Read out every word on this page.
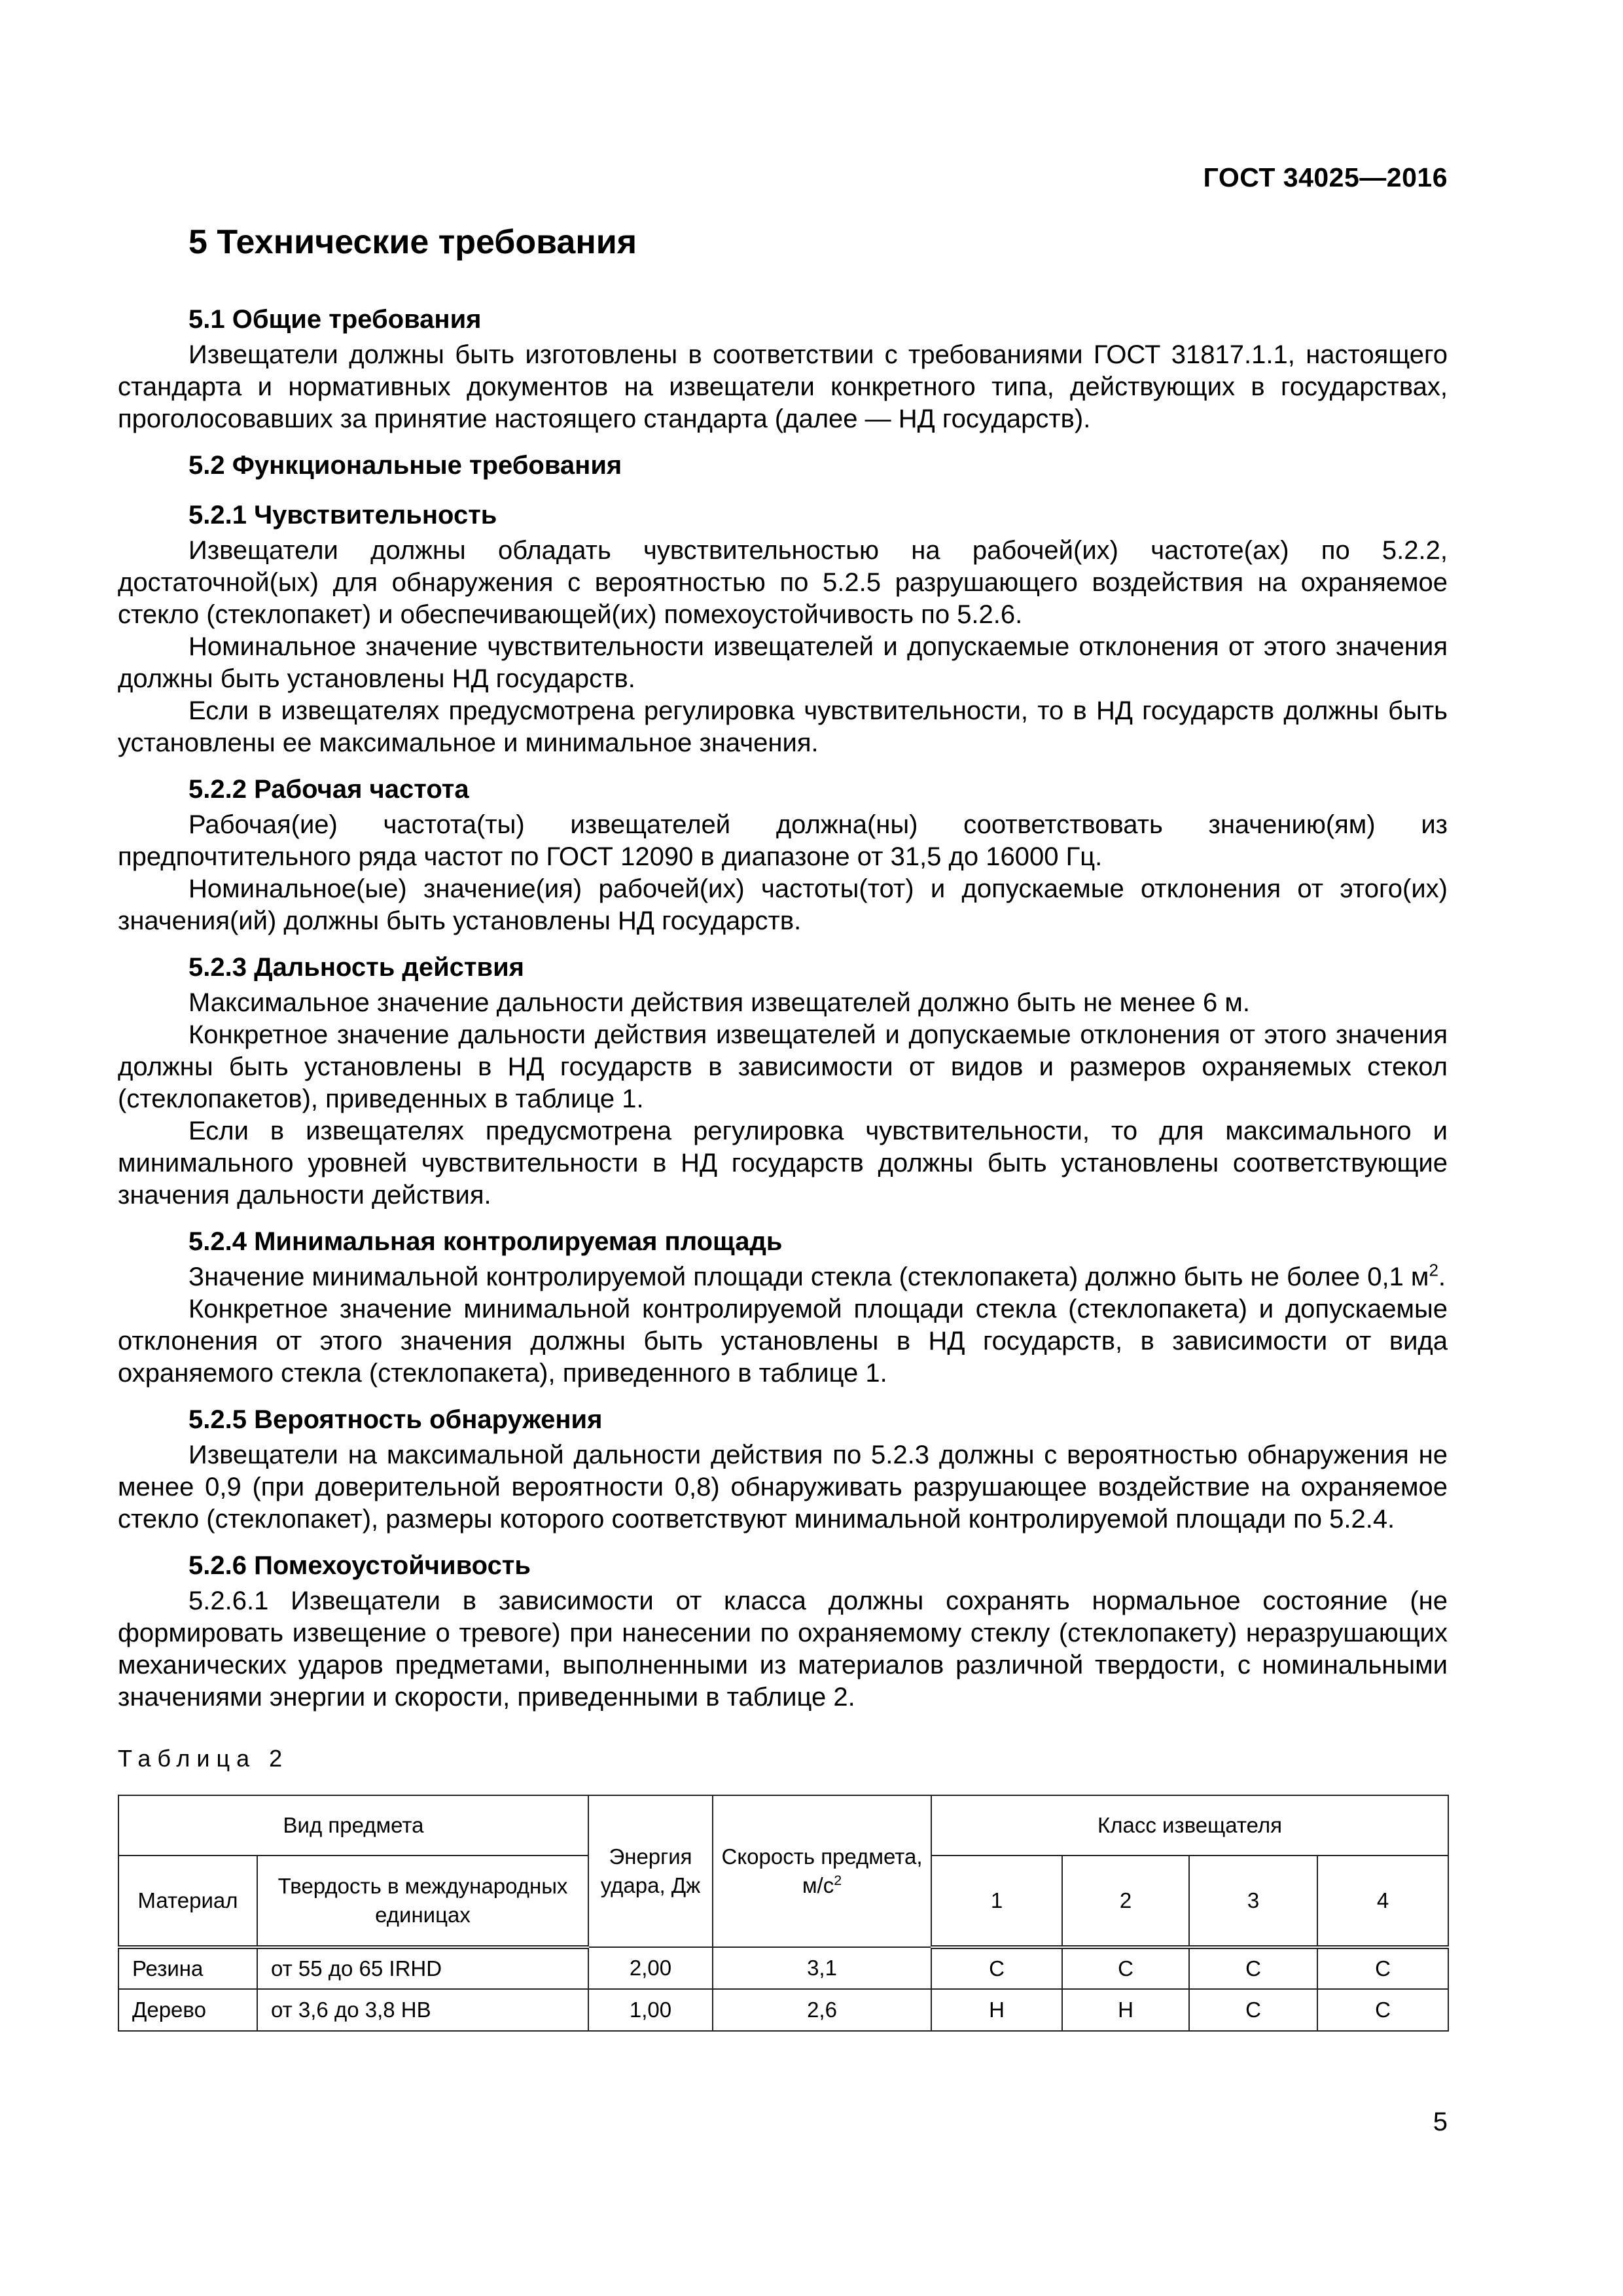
ГОСТ 34025—2016
5 Технические требования
5.1 Общие требования

Извещатели должны быть изготовлены в соответствии с требованиями ГОСТ 31817.1.1, настоящего стандарта и нормативных документов на извещатели конкретного типа, действующих в государствах, проголосовавших за принятие настоящего стандарта (далее — НД государств).

5.2 Функциональные требования
5.2.1 Чувствительность

Извещатели должны обладать чувствительностью на рабочей(их) частоте(ах) по 5.2.2, достаточной(ых) для обнаружения с вероятностью по 5.2.5 разрушающего воздействия на охраняемое стекло (стеклопакет) и обеспечивающей(их) помехоустойчивость по 5.2.6.

Номинальное значение чувствительности извещателей и допускаемые отклонения от этого значения должны быть установлены НД государств.

Если в извещателях предусмотрена регулировка чувствительности, то в НД государств должны быть установлены ее максимальное и минимальное значения.

5.2.2 Рабочая частота

Рабочая(ие) частота(ты) извещателей должна(ны) соответствовать значению(ям) из предпочтительного ряда частот по ГОСТ 12090 в диапазоне от 31,5 до 16000 Гц.

Номинальное(ые) значение(ия) рабочей(их) частоты(тот) и допускаемые отклонения от этого(их) значения(ий) должны быть установлены НД государств.

5.2.3 Дальность действия

Максимальное значение дальности действия извещателей должно быть не менее 6 м.

Конкретное значение дальности действия извещателей и допускаемые отклонения от этого значения должны быть установлены в НД государств в зависимости от видов и размеров охраняемых стекол (стеклопакетов), приведенных в таблице 1.

Если в извещателях предусмотрена регулировка чувствительности, то для максимального и минимального уровней чувствительности в НД государств должны быть установлены соответствующие значения дальности действия.

5.2.4 Минимальная контролируемая площадь

Значение минимальной контролируемой площади стекла (стеклопакета) должно быть не более 0,1 $м^2$.

Конкретное значение минимальной контролируемой площади стекла (стеклопакета) и допускаемые отклонения от этого значения должны быть установлены в НД государств, в зависимости от вида охраняемого стекла (стеклопакета), приведенного в таблице 1.

5.2.5 Вероятность обнаружения

Извещатели на максимальной дальности действия по 5.2.3 должны с вероятностью обнаружения не менее 0,9 (при доверительной вероятности 0,8) обнаруживать разрушающее воздействие на охраняемое стекло (стеклопакет), размеры которого соответствуют минимальной контролируемой площади по 5.2.4.

5.2.6 Помехоустойчивость

5.2.6.1 Извещатели в зависимости от класса должны сохранять нормальное состояние (не формировать извещение о тревоге) при нанесении по охраняемому стеклу (стеклопакету) неразрушающих механических ударов предметами, выполненными из материалов различной твердости, с номинальными значениями энергии и скорости, приведенными в таблице 2.

Таблица 2
Вид предмета		Энергия удара, Дж	Скорость предмета, $м/с^2$	Класс извещателя			
Материал	Твердость в международных единицах			1	2	3	4
Резина	от 55 до 65 IRHD	2,00	3,1	С	С	С	С
Дерево	от 3,6 до 3,8 HB	1,00	2,6	Н	Н	С	С
5
